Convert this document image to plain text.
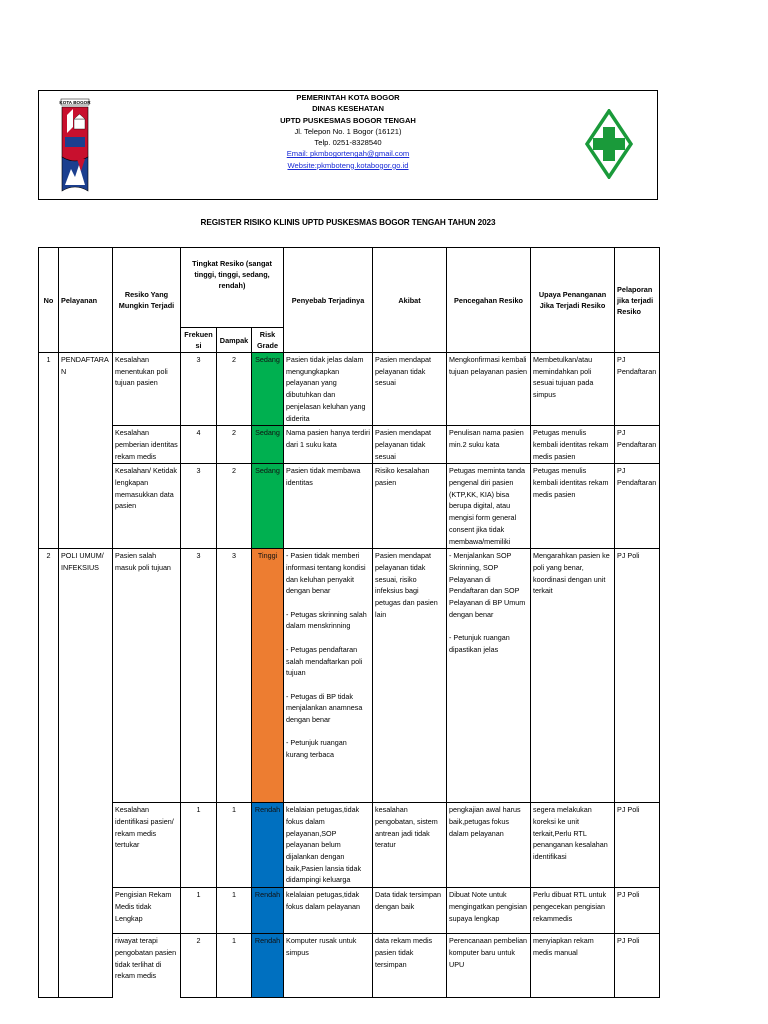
KOTA BOGOR
PEMERINTAH KOTA BOGOR
DINAS KESEHATAN
UPTD PUSKESMAS BOGOR TENGAH
Jl. Telepon No. 1 Bogor (16121)
Telp. 0251-8328540
Email: pkmbogortengah@gmail.com
Website:pkmboteng.kotabogor.go.id
REGISTER RISIKO KLINIS UPTD PUSKESMAS BOGOR TENGAH TAHUN 2023
No	Pelayanan	Resiko Yang Mungkin Terjadi	Tingkat Resiko (sangat tinggi, tinggi, sedang, rendah)			Penyebab Terjadinya	Akibat	Pencegahan Resiko	Upaya Penanganan Jika Terjadi Resiko	Pelaporan jika terjadi Resiko
			Frekuensi	Dampak	Risk Grade					
1	PENDAFTARAN	Kesalahan menentukan poli tujuan pasien	3	2	Sedang	Pasien tidak jelas dalam mengungkapkan pelayanan yang dibutuhkan dan penjelasan keluhan yang diderita	Pasien mendapat pelayanan tidak sesuai	Mengkonfirmasi kembali tujuan pelayanan pasien	Membetulkan/atau memindahkan poli sesuai tujuan pada simpus	PJ Pendaftaran
		Kesalahan pemberian identitas rekam medis	4	2	Sedang	Nama pasien hanya terdiri dari 1 suku kata	Pasien mendapat pelayanan tidak sesuai	Penulisan nama pasien min.2 suku kata	Petugas menulis kembali identitas rekam medis pasien	PJ Pendaftaran
		Kesalahan/ Ketidak lengkapan memasukkan data pasien	3	2	Sedang	Pasien tidak membawa identitas	Risiko kesalahan pasien	Petugas meminta tanda pengenal diri pasien (KTP,KK, KIA) bisa berupa digital, atau mengisi form general consent jika tidak membawa/memiliki	Petugas menulis kembali identitas rekam medis pasien	PJ Pendaftaran
2	POLI UMUM/ INFEKSIUS	Pasien salah masuk poli tujuan	3	3	Tinggi	- Pasien tidak memberi informasi tentang kondisi dan keluhan penyakit dengan benar
- Petugas skrinning salah dalam menskrinning
- Petugas pendaftaran salah mendaftarkan poli tujuan
- Petugas di BP tidak menjalankan anamnesa dengan benar
- Petunjuk ruangan kurang terbaca	Pasien mendapat pelayanan tidak sesuai, risiko infeksius bagi petugas dan pasien lain	- Menjalankan SOP Skrinning, SOP Pelayanan di Pendaftaran dan SOP Pelayanan di BP Umum dengan benar
- Petunjuk ruangan dipastikan jelas	Mengarahkan pasien ke poli yang benar, koordinasi dengan unit terkait	PJ Poli
		Kesalahan identifikasi pasien/ rekam medis tertukar	1	1	Rendah	kelalaian petugas,tidak fokus dalam pelayanan,SOP pelayanan belum dijalankan dengan baik,Pasien lansia tidak didampingi keluarga	kesalahan pengobatan, sistem antrean jadi tidak teratur	pengkajian awal harus baik,petugas fokus dalam pelayanan	segera melakukan koreksi ke unit terkait,Perlu RTL penanganan kesalahan identifikasi	PJ Poli
		Pengisian Rekam Medis tidak Lengkap	1	1	Rendah	kelalaian petugas,tidak fokus dalam pelayanan	Data tidak tersimpan dengan baik	Dibuat Note untuk mengingatkan pengisian supaya lengkap	Perlu dibuat RTL untuk pengecekan pengisian rekammedis	PJ Poli
		riwayat terapi pengobatan pasien tidak terlihat di rekam medis	2	1	Rendah	Komputer rusak untuk simpus	data rekam medis pasien tidak tersimpan	Perencanaan pembelian komputer baru untuk UPU	menyiapkan rekam medis manual	PJ Poli
